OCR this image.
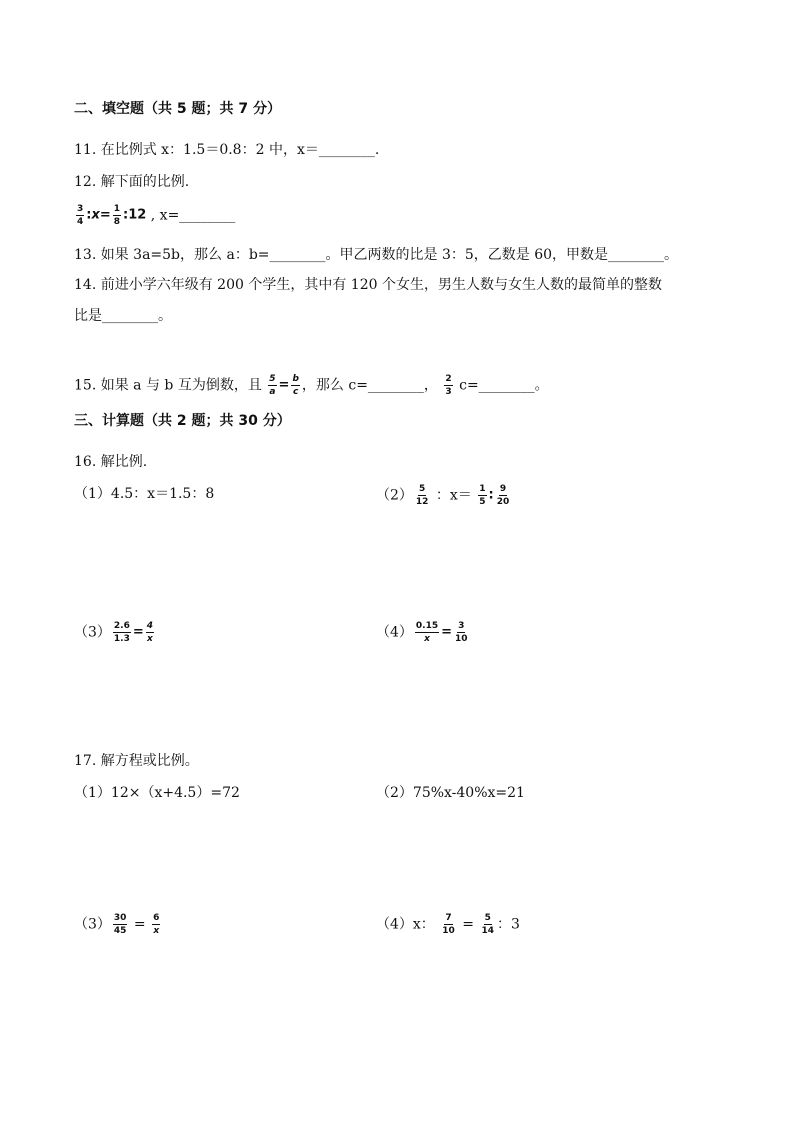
二、填空题（共 5 题；共 7 分）
11. 在比例式 x：1.5＝0.8：2 中，x＝________.
12. 解下面的比例.
$\frac{3}{4}$ :x= $\frac{1}{8}$ :12 , x=________
13. 如果 3a=5b，那么 a：b=________。甲乙两数的比是 3：5，乙数是 60，甲数是________。
14. 前进小学六年级有 200 个学生，其中有 120 个女生，男生人数与女生人数的最简单的整数
比是________。
15. 如果 a 与 b 互为倒数，且 $\frac{5}{a} = \frac{b}{c}$ ，那么 c=________， $\frac{2}{3}$ c=________。
三、计算题（共 2 题；共 30 分）
16. 解比例.
（1）4.5：x＝1.5：8	$(2) \frac{5}{12}$ ：$x= \frac{1}{5}$ : $\frac{9}{20}$
$(3) \frac{2.6}{1.3} = \frac{4}{x}$	$(4) \frac{0.15}{x} = \frac{3}{10}$
17. 解方程或比例。
（1）12×（x+4.5）=72	（2）75%x-40%x=21
$(3) \frac{30}{45} = \frac{6}{x}$	（4）x： $\frac{7}{10} = \frac{5}{14}$ ：3
